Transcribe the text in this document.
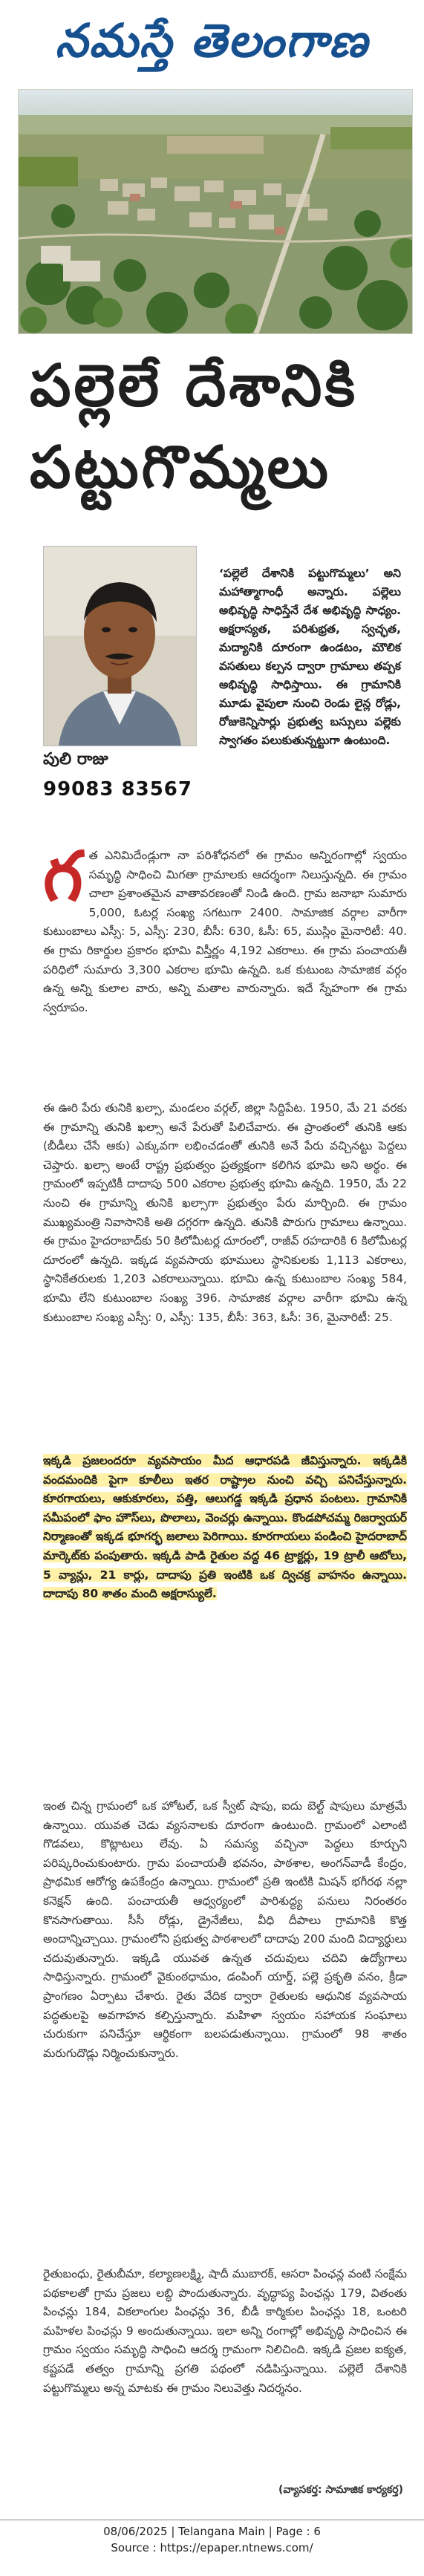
నమస్తే తెలంగాణ
పల్లెలే దేశానికి
పట్టుగొమ్మలు
పులి రాజు
99083 83567
‘పల్లెలే దేశానికి పట్టుగొమ్మలు’ అని మహాత్మాగాంధీ అన్నారు. పల్లెలు అభివృద్ధి సాధిస్తేనే దేశ అభివృద్ధి సాధ్యం. అక్షరాస్యత, పరిశుభ్రత, స్వచ్ఛత, మద్యానికి దూరంగా ఉండటం, మౌలిక వసతులు కల్పన ద్వారా గ్రామాలు తప్పక అభివృద్ధి సాధిస్తాయి. ఈ గ్రామానికి మూడు వైపులా నుంచి రెండు లైన్ల రోడ్లు, రోజుకెన్నిసార్లు ప్రభుత్వ బస్సులు పల్లెకు స్వాగతం పలుకుతున్నట్టుగా ఉంటుంది.
గ త ఎనిమిదేండ్లుగా నా పరిశోధనలో ఈ గ్రామం అన్నిరంగాల్లో స్వయం సమృద్ధి సాధించి మిగతా గ్రామాలకు ఆదర్శంగా నిలుస్తున్నది. ఈ గ్రామం చాలా ప్రశాంతమైన వాతావరణంతో నిండి ఉంది. గ్రామ జనాభా సుమారు 5,000, ఓటర్ల సంఖ్య సగటుగా 2400. సామాజిక వర్గాల వారీగా కుటుంబాలు ఎస్సీ: 5, ఎస్సీ: 230, బీసీ: 630, ఓసీ: 65, ముస్లిం మైనారిటీ: 40. ఈ గ్రామ రికార్డుల ప్రకారం భూమి విస్తీర్ణం 4,192 ఎకరాలు. ఈ గ్రామ పంచాయతీ పరిధిలో సుమారు 3,300 ఎకరాల భూమి ఉన్నది. ఒక కుటుంబ సామాజిక వర్గం ఉన్న అన్ని కులాల వారు, అన్ని మతాల వారున్నారు. ఇదే స్నేహంగా ఈ గ్రామ స్వరూపం.
ఈ ఊరి పేరు తునికి ఖల్సా, మండలం వర్గల్, జిల్లా సిద్దిపేట. 1950, మే 21 వరకు ఈ గ్రామాన్ని తునికి ఖల్సా అనే పేరుతో పిలిచేవారు. ఈ ప్రాంతంలో తునికి ఆకు (బీడీలు చేసే ఆకు) ఎక్కువగా లభించడంతో తునికి అనే పేరు వచ్చినట్టు పెద్దలు చెప్తారు. ఖల్సా అంటే రాష్ట్ర ప్రభుత్వం ప్రత్యక్షంగా కలిగిన భూమి అని అర్థం. ఈ గ్రామంలో ఇప్పటికీ దాదాపు 500 ఎకరాల ప్రభుత్వ భూమి ఉన్నది. 1950, మే 22 నుంచి ఈ గ్రామాన్ని తునికి ఖల్సాగా ప్రభుత్వం పేరు మార్చింది. ఈ గ్రామం ముఖ్యమంత్రి నివాసానికి అతి దగ్గరగా ఉన్నది. తునికి పొరుగు గ్రామాలు ఉన్నాయి. ఈ గ్రామం హైదరాబాద్‌కు 50 కిలోమీటర్ల దూరంలో, రాజీవ్ రహదారికి 6 కిలోమీటర్ల దూరంలో ఉన్నది. ఇక్కడ వ్యవసాయ భూములు స్థానికులకు 1,113 ఎకరాలు, స్థానికేతరులకు 1,203 ఎకరాలున్నాయి. భూమి ఉన్న కుటుంబాల సంఖ్య 584, భూమి లేని కుటుంబాల సంఖ్య 396. సామాజిక వర్గాల వారీగా భూమి ఉన్న కుటుంబాల సంఖ్య ఎస్సీ: 0, ఎస్సీ: 135, బీసీ: 363, ఓసీ: 36, మైనారిటీ: 25.
ఇక్కడి ప్రజలందరూ వ్యవసాయం మీద ఆధారపడి జీవిస్తున్నారు. ఇక్కడికి వందమందికి పైగా కూలీలు ఇతర రాష్ట్రాల నుంచి వచ్చి పనిచేస్తున్నారు. కూరగాయలు, ఆకుకూరలు, పత్తి, ఆలుగడ్డ ఇక్కడి ప్రధాన పంటలు. గ్రామానికి సమీపంలో ఫాం హౌస్‌లు, పొలాలు, వెంచర్లు ఉన్నాయి. కొండపోచమ్మ రిజర్వాయర్ నిర్మాణంతో ఇక్కడ భూగర్భ జలాలు పెరిగాయి. కూరగాయలు పండించి హైదరాబాద్ మార్కెట్‌కు పంపుతారు. ఇక్కడి పాడి రైతుల వద్ద 46 ట్రాక్టర్లు, 19 ట్రాలీ ఆటోలు, 5 వ్యాన్లు, 21 కార్లు, దాదాపు ప్రతి ఇంటికి ఒక ద్విచక్ర వాహనం ఉన్నాయి. దాదాపు 80 శాతం మంది అక్షరాస్యులే.
ఇంత చిన్న గ్రామంలో ఒక హోటల్, ఒక స్వీట్ షాపు, ఐదు బెల్ట్ షాపులు మాత్రమే ఉన్నాయి. యువత చెడు వ్యసనాలకు దూరంగా ఉంటుంది. గ్రామంలో ఎలాంటి గొడవలు, కొట్లాటలు లేవు. ఏ సమస్య వచ్చినా పెద్దలు కూర్చుని పరిష్కరించుకుంటారు. గ్రామ పంచాయతీ భవనం, పాఠశాల, అంగన్‌వాడీ కేంద్రం, ప్రాథమిక ఆరోగ్య ఉపకేంద్రం ఉన్నాయి. గ్రామంలో ప్రతి ఇంటికి మిషన్ భగీరథ నల్లా కనెక్షన్ ఉంది. పంచాయతీ ఆధ్వర్యంలో పారిశుద్ధ్య పనులు నిరంతరం కొనసాగుతాయి. సీసీ రోడ్లు, డ్రైనేజీలు, వీధి దీపాలు గ్రామానికి కొత్త అందాన్నిచ్చాయి. గ్రామంలోని ప్రభుత్వ పాఠశాలలో దాదాపు 200 మంది విద్యార్థులు చదువుతున్నారు. ఇక్కడి యువత ఉన్నత చదువులు చదివి ఉద్యోగాలు సాధిస్తున్నారు. గ్రామంలో వైకుంఠధామం, డంపింగ్ యార్డ్, పల్లె ప్రకృతి వనం, క్రీడా ప్రాంగణం ఏర్పాటు చేశారు. రైతు వేదిక ద్వారా రైతులకు ఆధునిక వ్యవసాయ పద్ధతులపై అవగాహన కల్పిస్తున్నారు. మహిళా స్వయం సహాయక సంఘాలు చురుకుగా పనిచేస్తూ ఆర్థికంగా బలపడుతున్నాయి. గ్రామంలో 98 శాతం మరుగుదొడ్లు నిర్మించుకున్నారు.
రైతుబంధు, రైతుబీమా, కల్యాణలక్ష్మి, షాదీ ముబారక్, ఆసరా పింఛన్ల వంటి సంక్షేమ పథకాలతో గ్రామ ప్రజలు లబ్ధి పొందుతున్నారు. వృద్ధాప్య పింఛన్లు 179, వితంతు పింఛన్లు 184, వికలాంగుల పింఛన్లు 36, బీడీ కార్మికుల పింఛన్లు 18, ఒంటరి మహిళల పింఛన్లు 9 అందుతున్నాయి. ఇలా అన్ని రంగాల్లో అభివృద్ధి సాధించిన ఈ గ్రామం స్వయం సమృద్ధి సాధించి ఆదర్శ గ్రామంగా నిలిచింది. ఇక్కడి ప్రజల ఐక్యత, కష్టపడే తత్వం గ్రామాన్ని ప్రగతి పథంలో నడిపిస్తున్నాయి. పల్లెలే దేశానికి పట్టుగొమ్మలు అన్న మాటకు ఈ గ్రామం నిలువెత్తు నిదర్శనం.
(వ్యాసకర్త: సామాజిక కార్యకర్త)
08/06/2025 | Telangana Main | Page : 6
Source : https://epaper.ntnews.com/
